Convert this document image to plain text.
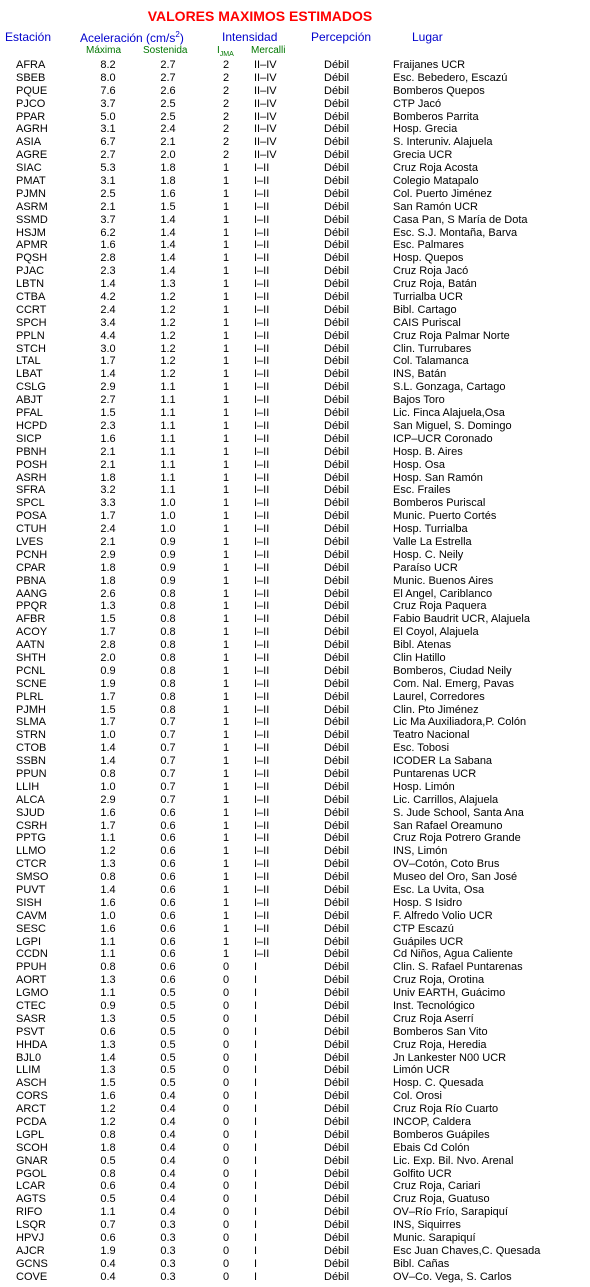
VALORES MAXIMOS ESTIMADOS
Estación Aceleración $(cm/s^2)$	Intensidad	Percepción	Lugar
Máxima Sostenida	$I_{JMA}$ Mercalli
AFRA	8.2	2.7	2	II–IV	Débil	Fraijanes UCR
SBEB	8.0	2.7	2	II–IV	Débil	Esc. Bebedero, Escazú
PQUE	7.6	2.6	2	II–IV	Débil	Bomberos Quepos
PJCO	3.7	2.5	2	II–IV	Débil	CTP Jacó
PPAR	5.0	2.5	2	II–IV	Débil	Bomberos Parrita
AGRH	3.1	2.4	2	II–IV	Débil	Hosp. Grecia
ASIA	6.7	2.1	2	II–IV	Débil	S. Interuniv. Alajuela
AGRE	2.7	2.0	2	II–IV	Débil	Grecia UCR
SIAC	5.3	1.8	1	I–II	Débil	Cruz Roja Acosta
PMAT	3.1	1.8	1	I–II	Débil	Colegio Matapalo
PJMN	2.5	1.6	1	I–II	Débil	Col. Puerto Jiménez
ASRM	2.1	1.5	1	I–II	Débil	San Ramón UCR
SSMD	3.7	1.4	1	I–II	Débil	Casa Pan, S María de Dota
HSJM	6.2	1.4	1	I–II	Débil	Esc. S.J. Montaña, Barva
APMR	1.6	1.4	1	I–II	Débil	Esc. Palmares
PQSH	2.8	1.4	1	I–II	Débil	Hosp. Quepos
PJAC	2.3	1.4	1	I–II	Débil	Cruz Roja Jacó
LBTN	1.4	1.3	1	I–II	Débil	Cruz Roja, Batán
CTBA	4.2	1.2	1	I–II	Débil	Turrialba UCR
CCRT	2.4	1.2	1	I–II	Débil	Bibl. Cartago
SPCH	3.4	1.2	1	I–II	Débil	CAIS Puriscal
PPLN	4.4	1.2	1	I–II	Débil	Cruz Roja Palmar Norte
STCH	3.0	1.2	1	I–II	Débil	Clin. Turrubares
LTAL	1.7	1.2	1	I–II	Débil	Col. Talamanca
LBAT	1.4	1.2	1	I–II	Débil	INS, Batán
CSLG	2.9	1.1	1	I–II	Débil	S.L. Gonzaga, Cartago
ABJT	2.7	1.1	1	I–II	Débil	Bajos Toro
PFAL	1.5	1.1	1	I–II	Débil	Lic. Finca Alajuela,Osa
HCPD	2.3	1.1	1	I–II	Débil	San Miguel, S. Domingo
SICP	1.6	1.1	1	I–II	Débil	ICP–UCR Coronado
PBNH	2.1	1.1	1	I–II	Débil	Hosp. B. Aires
POSH	2.1	1.1	1	I–II	Débil	Hosp. Osa
ASRH	1.8	1.1	1	I–II	Débil	Hosp. San Ramón
SFRA	3.2	1.1	1	I–II	Débil	Esc. Frailes
SPCL	3.3	1.0	1	I–II	Débil	Bomberos Puriscal
POSA	1.7	1.0	1	I–II	Débil	Munic. Puerto Cortés
CTUH	2.4	1.0	1	I–II	Débil	Hosp. Turrialba
LVES	2.1	0.9	1	I–II	Débil	Valle La Estrella
PCNH	2.9	0.9	1	I–II	Débil	Hosp. C. Neily
CPAR	1.8	0.9	1	I–II	Débil	Paraíso UCR
PBNA	1.8	0.9	1	I–II	Débil	Munic. Buenos Aires
AANG	2.6	0.8	1	I–II	Débil	El Angel, Cariblanco
PPQR	1.3	0.8	1	I–II	Débil	Cruz Roja Paquera
AFBR	1.5	0.8	1	I–II	Débil	Fabio Baudrit UCR, Alajuela
ACOY	1.7	0.8	1	I–II	Débil	El Coyol, Alajuela
AATN	2.8	0.8	1	I–II	Débil	Bibl. Atenas
SHTH	2.0	0.8	1	I–II	Débil	Clin Hatillo
PCNL	0.9	0.8	1	I–II	Débil	Bomberos, Ciudad Neily
SCNE	1.9	0.8	1	I–II	Débil	Com. Nal. Emerg, Pavas
PLRL	1.7	0.8	1	I–II	Débil	Laurel, Corredores
PJMH	1.5	0.8	1	I–II	Débil	Clin. Pto Jiménez
SLMA	1.7	0.7	1	I–II	Débil	Lic Ma Auxiliadora,P. Colón
STRN	1.0	0.7	1	I–II	Débil	Teatro Nacional
CTOB	1.4	0.7	1	I–II	Débil	Esc. Tobosi
SSBN	1.4	0.7	1	I–II	Débil	ICODER La Sabana
PPUN	0.8	0.7	1	I–II	Débil	Puntarenas UCR
LLIH	1.0	0.7	1	I–II	Débil	Hosp. Limón
ALCA	2.9	0.7	1	I–II	Débil	Lic. Carrillos, Alajuela
SJUD	1.6	0.6	1	I–II	Débil	S. Jude School, Santa Ana
CSRH	1.7	0.6	1	I–II	Débil	San Rafael Oreamuno
PPTG	1.1	0.6	1	I–II	Débil	Cruz Roja Potrero Grande
LLMO	1.2	0.6	1	I–II	Débil	INS, Limón
CTCR	1.3	0.6	1	I–II	Débil	OV–Cotón, Coto Brus
SMSO	0.8	0.6	1	I–II	Débil	Museo del Oro, San José
PUVT	1.4	0.6	1	I–II	Débil	Esc. La Uvita, Osa
SISH	1.6	0.6	1	I–II	Débil	Hosp. S Isidro
CAVM	1.0	0.6	1	I–II	Débil	F. Alfredo Volio UCR
SESC	1.6	0.6	1	I–II	Débil	CTP Escazú
LGPI	1.1	0.6	1	I–II	Débil	Guápiles UCR
CCDN	1.1	0.6	1	I–II	Débil	Cd Niños, Agua Caliente
PPUH	0.8	0.6	0	I	Débil	Clin. S. Rafael Puntarenas
AORT	1.3	0.6	0	I	Débil	Cruz Roja, Orotina
LGMO	1.1	0.5	0	I	Débil	Univ EARTH, Guácimo
CTEC	0.9	0.5	0	I	Débil	Inst. Tecnológico
SASR	1.3	0.5	0	I	Débil	Cruz Roja Aserrí
PSVT	0.6	0.5	0	I	Débil	Bomberos San Vito
HHDA	1.3	0.5	0	I	Débil	Cruz Roja, Heredia
BJL0	1.4	0.5	0	I	Débil	Jn Lankester N00 UCR
LLIM	1.3	0.5	0	I	Débil	Limón UCR
ASCH	1.5	0.5	0	I	Débil	Hosp. C. Quesada
CORS	1.6	0.4	0	I	Débil	Col. Orosi
ARCT	1.2	0.4	0	I	Débil	Cruz Roja Río Cuarto
PCDA	1.2	0.4	0	I	Débil	INCOP, Caldera
LGPL	0.8	0.4	0	I	Débil	Bomberos Guápiles
SCOH	1.8	0.4	0	I	Débil	Ebais Cd Colón
GNAR	0.5	0.4	0	I	Débil	Lic. Exp. Bil. Nvo. Arenal
PGOL	0.8	0.4	0	I	Débil	Golfito UCR
LCAR	0.6	0.4	0	I	Débil	Cruz Roja, Cariari
AGTS	0.5	0.4	0	I	Débil	Cruz Roja, Guatuso
RIFO	1.1	0.4	0	I	Débil	OV–Río Frío, Sarapiquí
LSQR	0.7	0.3	0	I	Débil	INS, Siquirres
HPVJ	0.6	0.3	0	I	Débil	Munic. Sarapiquí
AJCR	1.9	0.3	0	I	Débil	Esc Juan Chaves,C. Quesada
GCNS	0.4	0.3	0	I	Débil	Bibl. Cañas
COVE	0.4	0.3	0	I	Débil	OV–Co. Vega, S. Carlos
